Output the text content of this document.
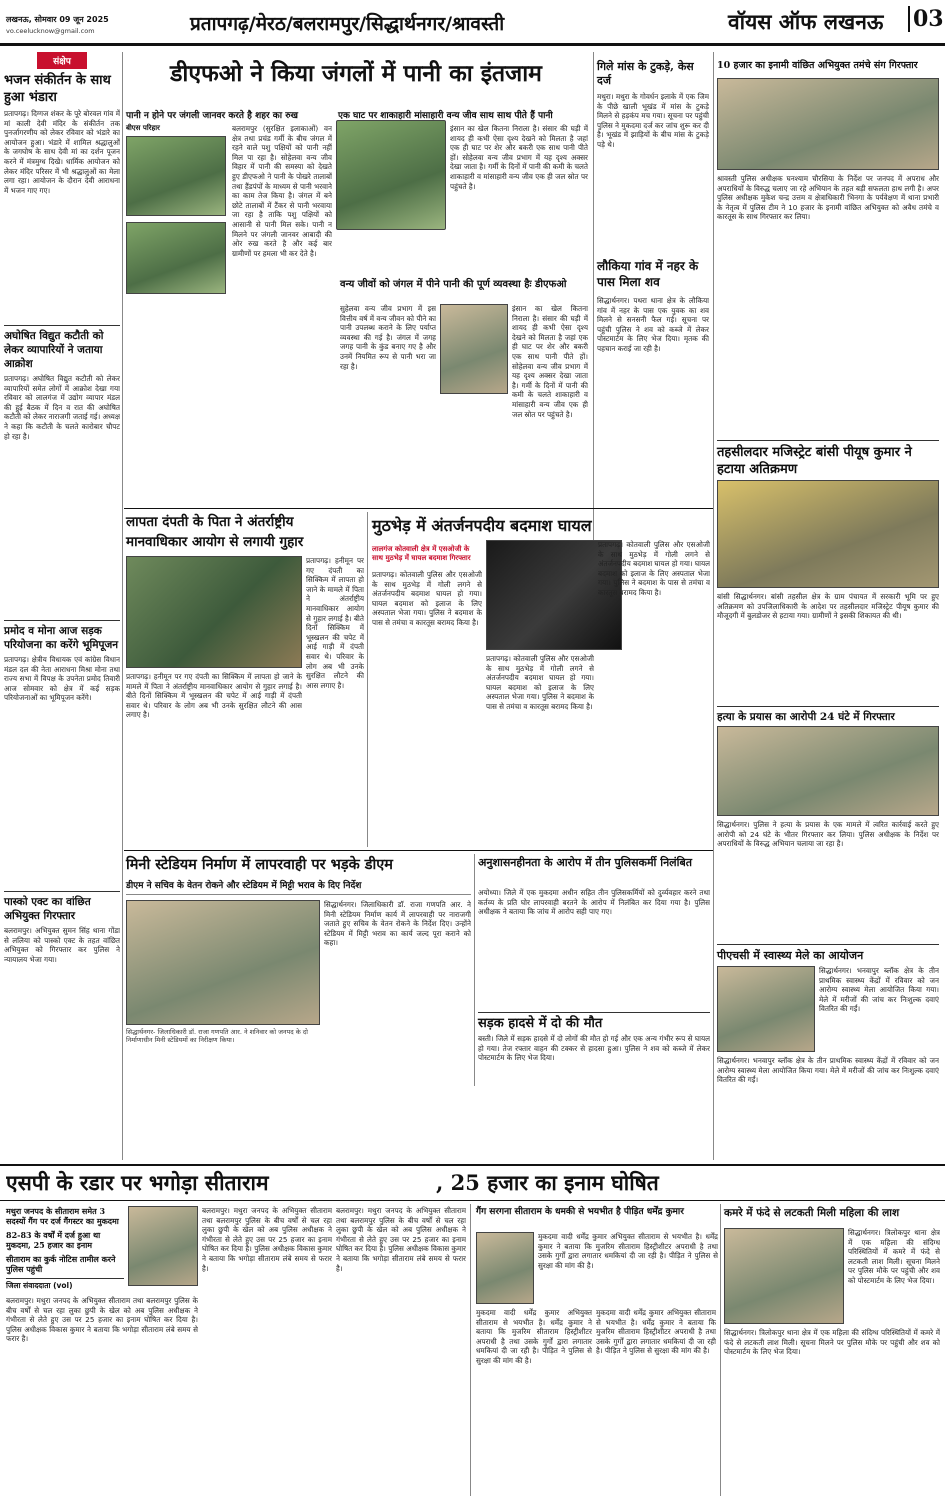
लखनऊ, सोमवार 09 जून 2025
vo.ceelucknow@gmail.com	प्रतापगढ़/मेरठ/बलरामपुर/सिद्धार्थनगर/श्रावस्ती	वॉयस ऑफ लखनऊ 03
संक्षेप
भजन संकीर्तन के साथ हुआ भंडारा
प्रतापगढ़। दिग्गज शंकर के पूरे बोरवल गांव में मां काली देवी मंदिर के संकीर्तन तक पुनर्जागरणीय को लेकर रविवार को भंडारे का आयोजन हुआ। भंडारे में शामिल श्रद्धालुओं के जगघोष के साथ देवी मां का दर्शन पूजन करने में मंत्रमुग्ध दिखे। धार्मिक आयोजन को लेकर मंदिर परिसर में भी श्रद्धालुओं का मेला लगा रहा। आयोजन के दौरान देवी आराधना में भजन गाए गए।
अघोषित विद्युत कटौती को लेकर व्यापारियों ने जताया आक्रोश
प्रतापगढ़। अघोषित विद्युत कटौती को लेकर व्यापारियों समेत लोगों में आक्रोश देखा गया रविवार को लालगंज में उद्योग व्यापार मंडल की हुई बैठक में दिन व रात की अघोषित कटौती को लेकर नाराजगी जताई गई। अध्यक्ष ने कहा कि कटौती के चलते कारोबार चौपट हो रहा है।
प्रमोद व मोना आज सड़क परियोजना का करेंगे भूमिपूजन
प्रतापगढ़। क्षेत्रीय विधायक एवं कांग्रेस विधान मंडल दल की नेता आराधना मिश्रा मोना तथा राज्य सभा में विपक्ष के उपनेता प्रमोद तिवारी आज सोमवार को क्षेत्र में कई सड़क परियोजनाओं का भूमिपूजन करेंगे।
पास्को एक्ट का वांछित अभियुक्त गिरफ्तार
बलरामपुर। अभियुक्त सुमन सिंह थाना गोंडा से ललिया को पास्को एक्ट के तहत वांछित अभियुक्त को गिरफ्तार कर पुलिस ने न्यायालय भेजा गया।
डीएफओ ने किया जंगलों में पानी का इंतजाम
पानी न होने पर जंगली जानवर करते है शहर का रुख
बीएस परिहार	बलरामपुर (सुरक्षित इलाकाओं) वन क्षेत्र तथा प्रचंड गर्मी के बीच जंगल में रहने वाले पशु पक्षियों को पानी नहीं मिल पा रहा है। सोहेलवा वन्य जीव विहार में पानी की समस्या को देखते हुए डीएफओ ने पानी के पोखरे तालाबों तथा हैंडपंपों के माध्यम से पानी भरवाने का काम तेज किया है। जंगल में बने छोटे तालाबों में टैंकर से पानी भरवाया जा रहा है ताकि पशु पक्षियों को आसानी से पानी मिल सके। पानी न मिलने पर जंगली जानवर आबादी की ओर रुख करते है और कई बार ग्रामीणों पर हमला भी कर देते है।
एक घाट पर शाकाहारी मांसाहारी वन्य जीव साथ साथ पीते हैं पानी
इंसान का खेल कितना निराला है। संसार की घड़ी में शायद ही कभी ऐसा दृश्य देखने को मिलता है जहां एक ही घाट पर शेर और बकरी एक साथ पानी पीते हों। सोहेलवा वन्य जीव प्रभाग में यह दृश्य अक्सर देखा जाता है। गर्मी के दिनों में पानी की कमी के चलते शाकाहारी व मांसाहारी वन्य जीव एक ही जल स्रोत पर पहुंचते है।
वन्य जीवों को जंगल में पीने पानी की पूर्ण व्यवस्था हैः डीएफओ
सुहेलवा वन्य जीव प्रभाग में इस वित्तीय वर्ष में वन्य जीवन को पीने का पानी उपलब्ध कराने के लिए पर्याप्त व्यवस्था की गई है। जंगल में जगह जगह पानी के कुंड बनाए गए है और उनमें नियमित रूप से पानी भरा जा रहा है।
इंसान का खेल कितना निराला है। संसार की घड़ी में शायद ही कभी ऐसा दृश्य देखने को मिलता है जहां एक ही घाट पर शेर और बकरी एक साथ पानी पीते हों। सोहेलवा वन्य जीव प्रभाग में यह दृश्य अक्सर देखा जाता है। गर्मी के दिनों में पानी की कमी के चलते शाकाहारी व मांसाहारी वन्य जीव एक ही जल स्रोत पर पहुंचते है।
गिले मांस के टुकड़े, केस दर्ज
मथुरा। मथुरा के गोवर्धन इलाके में एक जिम के पीछे खाली भूखंड में मांस के टुकड़े मिलने से हड़कंप मच गया। सूचना पर पहुंची पुलिस ने मुकदमा दर्ज कर जांच शुरू कर दी है। भूखंड में झाड़ियों के बीच मांस के टुकड़े पड़े थे।
लौकिया गांव में नहर के पास मिला शव
सिद्धार्थनगर। पथरा थाना क्षेत्र के लौकिया गांव में नहर के पास एक युवक का शव मिलने से सनसनी फैल गई। सूचना पर पहुंची पुलिस ने शव को कब्जे में लेकर पोस्टमार्टम के लिए भेज दिया। मृतक की पहचान कराई जा रही है।
10 हजार का इनामी वांछित अभियुक्त तमंचे संग गिरफ्तार
श्रावस्ती पुलिस अधीक्षक घनश्याम चौरसिया के निर्देश पर जनपद में अपराध और अपराधियों के विरुद्ध चलाए जा रहे अभियान के तहत बड़ी सफलता हाथ लगी है। अपर पुलिस अधीक्षक मुकेश चन्द्र उत्तम व क्षेत्राधिकारी भिनगा के पर्यवेक्षण में थाना प्रभारी के नेतृत्व में पुलिस टीम ने 10 हजार के इनामी वांछित अभियुक्त को अवैध तमंचे व कारतूस के साथ गिरफ्तार कर लिया।
तहसीलदार मजिस्ट्रेट बांसी पीयूष कुमार ने हटाया अतिक्रमण
बांसी सिद्धार्थनगर। बांसी तहसील क्षेत्र के ग्राम पंचायत में सरकारी भूमि पर हुए अतिक्रमण को उपजिलाधिकारी के आदेश पर तहसीलदार मजिस्ट्रेट पीयूष कुमार की मौजूदगी में बुलडोजर से हटाया गया। ग्रामीणों ने इसकी शिकायत की थी।
हत्या के प्रयास का आरोपी 24 घंटे में गिरफ्तार
सिद्धार्थनगर। पुलिस ने हत्या के प्रयास के एक मामले में त्वरित कार्रवाई करते हुए आरोपी को 24 घंटे के भीतर गिरफ्तार कर लिया। पुलिस अधीक्षक के निर्देश पर अपराधियों के विरुद्ध अभियान चलाया जा रहा है।
पीएचसी में स्वास्थ्य मेले का आयोजन
सिद्धार्थनगर। भनवापुर ब्लॉक क्षेत्र के तीन प्राथमिक स्वास्थ्य केंद्रों में रविवार को जन आरोग्य स्वास्थ्य मेला आयोजित किया गया। मेले में मरीजों की जांच कर निःशुल्क दवाएं वितरित की गईं।
सिद्धार्थनगर। भनवापुर ब्लॉक क्षेत्र के तीन प्राथमिक स्वास्थ्य केंद्रों में रविवार को जन आरोग्य स्वास्थ्य मेला आयोजित किया गया। मेले में मरीजों की जांच कर निःशुल्क दवाएं वितरित की गईं।
लापता दंपती के पिता ने अंतर्राष्ट्रीय
मानवाधिकार आयोग से लगायी गुहार
प्रतापगढ़। हनीमून पर गए दंपती का सिक्किम में लापता हो जाने के मामले में पिता ने अंतर्राष्ट्रीय मानवाधिकार आयोग से गुहार लगाई है। बीते दिनों सिक्किम में भूस्खलन की चपेट में आई गाड़ी में दंपती सवार थे। परिवार के लोग अब भी उनके सुरक्षित लौटने की आस लगाए है।
प्रतापगढ़। हनीमून पर गए दंपती का सिक्किम में लापता हो जाने के मामले में पिता ने अंतर्राष्ट्रीय मानवाधिकार आयोग से गुहार लगाई है। बीते दिनों सिक्किम में भूस्खलन की चपेट में आई गाड़ी में दंपती सवार थे। परिवार के लोग अब भी उनके सुरक्षित लौटने की आस लगाए है।
मुठभेड़ में अंतर्जनपदीय बदमाश घायल
लालगंज कोतवाली क्षेत्र में एसओजी के साथ मुठभेड़ में घायल बदमाश गिरफ्तार
प्रतापगढ़। कोतवाली पुलिस और एसओजी के साथ मुठभेड़ में गोली लगने से अंतर्जनपदीय बदमाश घायल हो गया। घायल बदमाश को इलाज के लिए अस्पताल भेजा गया। पुलिस ने बदमाश के पास से तमंचा व कारतूस बरामद किया है।
प्रतापगढ़। कोतवाली पुलिस और एसओजी के साथ मुठभेड़ में गोली लगने से अंतर्जनपदीय बदमाश घायल हो गया। घायल बदमाश को इलाज के लिए अस्पताल भेजा गया। पुलिस ने बदमाश के पास से तमंचा व कारतूस बरामद किया है।
प्रतापगढ़। कोतवाली पुलिस और एसओजी के साथ मुठभेड़ में गोली लगने से अंतर्जनपदीय बदमाश घायल हो गया। घायल बदमाश को इलाज के लिए अस्पताल भेजा गया। पुलिस ने बदमाश के पास से तमंचा व कारतूस बरामद किया है।
मिनी स्टेडियम निर्माण में लापरवाही पर भड़के डीएम
डीएम ने सचिव के वेतन रोकने और स्टेडियम में मिट्टी भराव के दिए निर्देश
सिद्धार्थनगर- जिलाधिकारी डॉ. राजा गणपति आर. ने शनिवार को जनपद के दो निर्माणाधीन मिनी स्टेडियमों का निरीक्षण किया।
सिद्धार्थनगर। जिलाधिकारी डॉ. राजा गणपति आर. ने मिनी स्टेडियम निर्माण कार्य में लापरवाही पर नाराजगी जताते हुए सचिव के वेतन रोकने के निर्देश दिए। उन्होंने स्टेडियम में मिट्टी भराव का कार्य जल्द पूरा कराने को कहा।
अनुशासनहीनता के आरोप में तीन पुलिसकर्मी निलंबित
अयोध्या। जिले में एक मुकदमा अधीन सहित तीन पुलिसकर्मियों को दुर्व्यवहार करने तथा कर्तव्य के प्रति घोर लापरवाही बरतने के आरोप में निलंबित कर दिया गया है। पुलिस अधीक्षक ने बताया कि जांच में आरोप सही पाए गए।
सड़क हादसे में दो की मौत
बस्ती। जिले में सड़क हादसे में दो लोगों की मौत हो गई और एक अन्य गंभीर रूप से घायल हो गया। तेज रफ्तार वाहन की टक्कर से हादसा हुआ। पुलिस ने शव को कब्जे में लेकर पोस्टमार्टम के लिए भेज दिया।
एसपी के रडार पर भगोड़ा सीताराम	, 25 हजार का इनाम घोषित
मथुरा जनपद के सीताराम समेत 3 सदस्यों गैंग पर दर्ज गैंगस्टर का मुकदमा
82-83 के वर्षों में दर्ज हुआ था मुकदमा, 25 हजार का इनाम
सीताराम का कुर्क नोटिस तामील करने पुलिस पहुंची
जिला संवाददाता (vol)
बलरामपुर। मथुरा जनपद के अभियुक्त सीताराम तथा बलरामपुर पुलिस के बीच वर्षों से चल रहा लुका छुपी के खेल को अब पुलिस अधीक्षक ने गंभीरता से लेते हुए उस पर 25 हजार का इनाम घोषित कर दिया है। पुलिस अधीक्षक विकास कुमार ने बताया कि भगोड़ा सीताराम लंबे समय से फरार है।
बलरामपुर। मथुरा जनपद के अभियुक्त सीताराम तथा बलरामपुर पुलिस के बीच वर्षों से चल रहा लुका छुपी के खेल को अब पुलिस अधीक्षक ने गंभीरता से लेते हुए उस पर 25 हजार का इनाम घोषित कर दिया है। पुलिस अधीक्षक विकास कुमार ने बताया कि भगोड़ा सीताराम लंबे समय से फरार है।
बलरामपुर। मथुरा जनपद के अभियुक्त सीताराम तथा बलरामपुर पुलिस के बीच वर्षों से चल रहा लुका छुपी के खेल को अब पुलिस अधीक्षक ने गंभीरता से लेते हुए उस पर 25 हजार का इनाम घोषित कर दिया है। पुलिस अधीक्षक विकास कुमार ने बताया कि भगोड़ा सीताराम लंबे समय से फरार है।
गैंग सरगना सीताराम के धमकी से भयभीत है पीड़ित धर्मेंद्र कुमार
मुकदमा वादी धर्मेंद्र कुमार अभियुक्त सीताराम से भयभीत है। धर्मेंद्र कुमार ने बताया कि मुजरिम सीताराम हिस्ट्रीशीटर अपराधी है तथा उसके गुर्गों द्वारा लगातार धमकियां दी जा रही है। पीड़ित ने पुलिस से सुरक्षा की मांग की है।
मुकदमा वादी धर्मेंद्र कुमार अभियुक्त सीताराम से भयभीत है। धर्मेंद्र कुमार ने बताया कि मुजरिम सीताराम हिस्ट्रीशीटर अपराधी है तथा उसके गुर्गों द्वारा लगातार धमकियां दी जा रही है। पीड़ित ने पुलिस से सुरक्षा की मांग की है।
मुकदमा वादी धर्मेंद्र कुमार अभियुक्त सीताराम से भयभीत है। धर्मेंद्र कुमार ने बताया कि मुजरिम सीताराम हिस्ट्रीशीटर अपराधी है तथा उसके गुर्गों द्वारा लगातार धमकियां दी जा रही है। पीड़ित ने पुलिस से सुरक्षा की मांग की है।
कमरे में फंदे से लटकती मिली महिला की लाश
सिद्धार्थनगर। त्रिलोकपुर थाना क्षेत्र में एक महिला की संदिग्ध परिस्थितियों में कमरे में फंदे से लटकती लाश मिली। सूचना मिलने पर पुलिस मौके पर पहुंची और शव को पोस्टमार्टम के लिए भेज दिया।
सिद्धार्थनगर। त्रिलोकपुर थाना क्षेत्र में एक महिला की संदिग्ध परिस्थितियों में कमरे में फंदे से लटकती लाश मिली। सूचना मिलने पर पुलिस मौके पर पहुंची और शव को पोस्टमार्टम के लिए भेज दिया।
